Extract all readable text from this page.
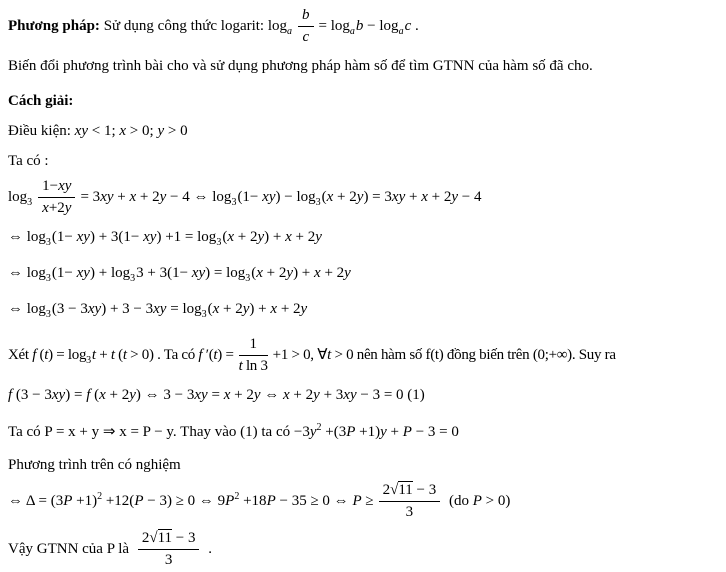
Phương pháp: Sử dụng công thức logarit: $\log_a \frac{b}{c} = \log_ab - \log_ac$ .
Biến đổi phương trình bài cho và sử dụng phương pháp hàm số để tìm GTNN của hàm số đã cho.
Cách giải:
Điều kiện: xy < 1; x > 0; y > 0
Ta có :
$\log_3 \frac{1-xy}{x+2y} = 3xy + x + 2y - 4$ ⇔ $\log_3(1- xy) - \log_3(x + 2y) = 3xy + x + 2y - 4$
⇔ $\log_3(1- xy) + 3(1- xy) +1 = \log_3(x + 2y) + x + 2y$
⇔ $\log_3(1- xy) + \log_33 + 3(1- xy) = \log_3(x + 2y) + x + 2y$
⇔ $\log_3(3 - 3xy) + 3 - 3xy = \log_3(x + 2y) + x + 2y$
Xét f $(t) = \log_3t + t$ (t > 0) . Ta có f $'(t) = \frac{1}{\text{t ln 3}} +1 > 0$, ∀t > 0 nên hàm số f(t) đồng biến trên (0;+∞). Suy ra
f (3 − 3xy) = f (x + 2y) ⇔ 3 − 3xy = x + 2y ⇔ x + 2y + 3xy − 3 = 0 (1)
Ta có P = x + y ⇒ x = P − y. Thay vào (1) ta có $-3y^2 +(3P +1)y + P - 3 = 0$
Phương trình trên có nghiệm
⇔ $\Delta = (3P +1)^2 +12(P - 3) \ge 0$ ⇔ $9P^2 +18P - 35 \ge 0$ ⇔ $P \ge \frac{2√11 - 3}{3} (do$ P > 0)
Vậy GTNN của P là $\frac{2√11 - 3}{3}$ .
